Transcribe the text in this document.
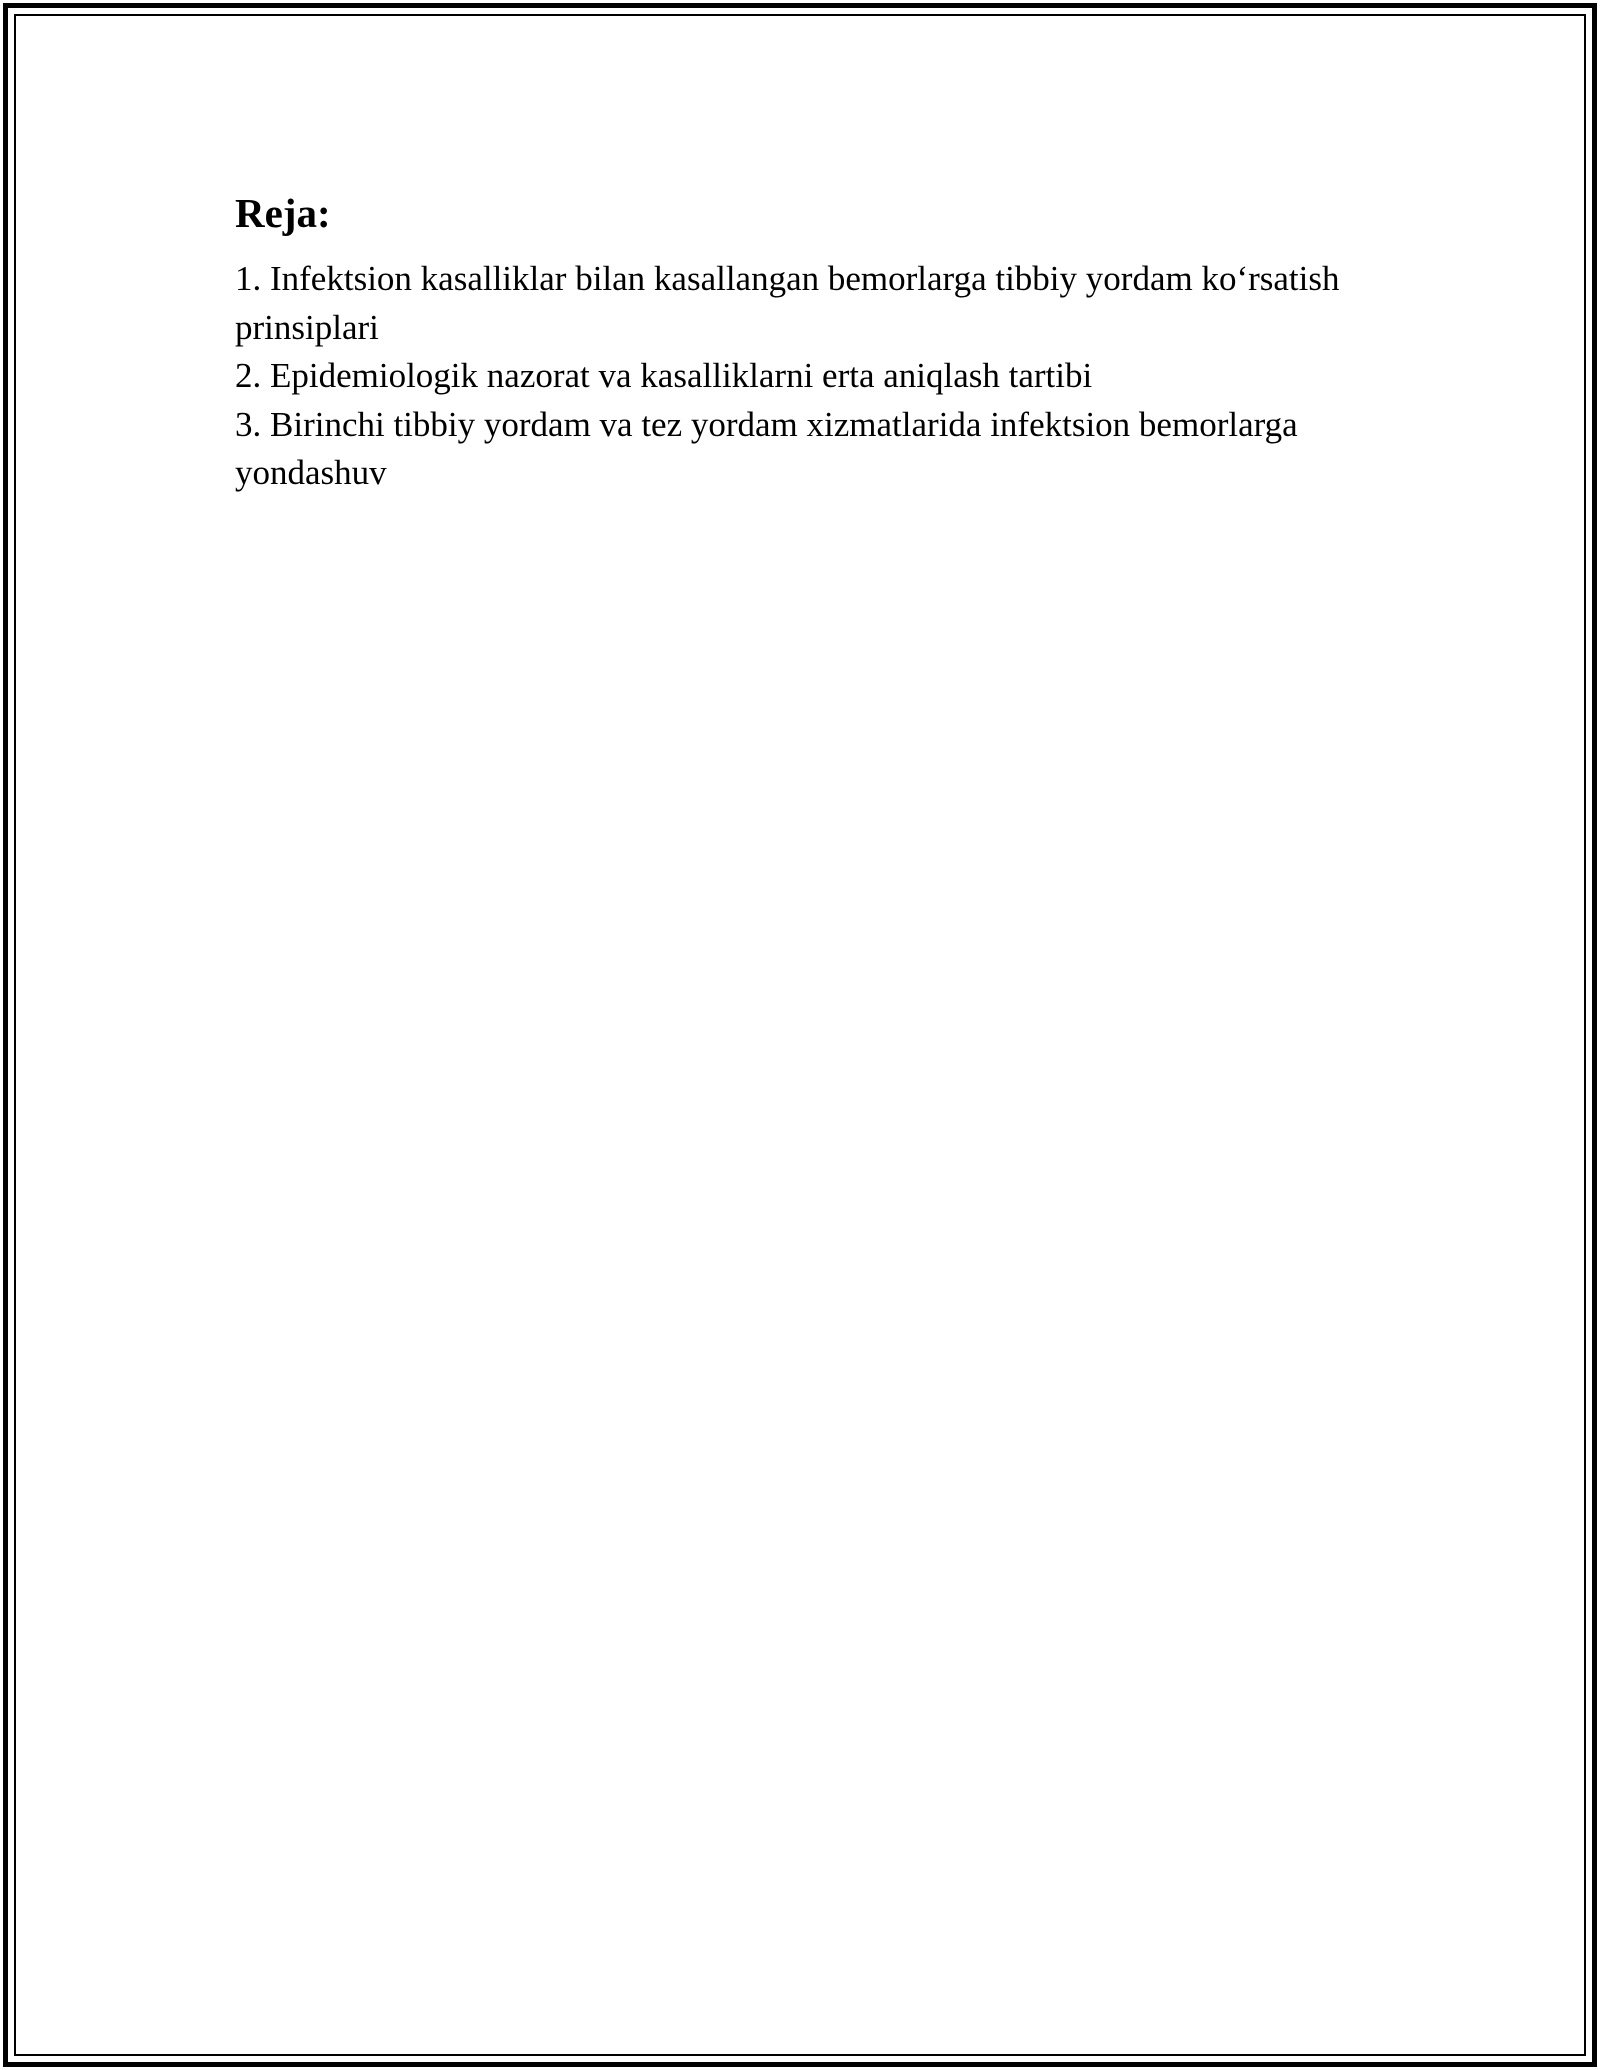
Reja:
1. Infektsion kasalliklar bilan kasallangan bemorlarga tibbiy yordam ko‘rsatish prinsiplari
2. Epidemiologik nazorat va kasalliklarni erta aniqlash tartibi
3. Birinchi tibbiy yordam va tez yordam xizmatlarida infektsion bemorlarga yondashuv
